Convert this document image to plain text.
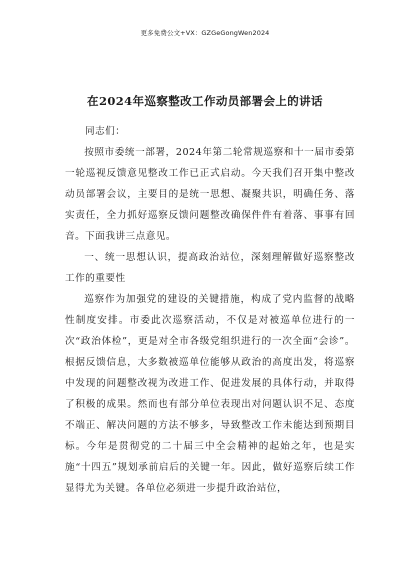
更多免费公文+VX：GZGeGongWen2024
在2024年巡察整改工作动员部署会上的讲话
同志们：

按照市委统一部署，2024年第二轮常规巡察和十一届市委第一轮巡视反馈意见整改工作已正式启动。今天我们召开集中整改动员部署会议，主要目的是统一思想、凝聚共识，明确任务、落实责任，全力抓好巡察反馈问题整改确保件件有着落、事事有回音。下面我讲三点意见。

一、统一思想认识，提高政治站位，深刻理解做好巡察整改工作的重要性

巡察作为加强党的建设的关键措施，构成了党内监督的战略性制度安排。市委此次巡察活动，不仅是对被巡单位进行的一次“政治体检”，更是对全市各级党组织进行的一次全面“会诊”。根据反馈信息，大多数被巡单位能够从政治的高度出发，将巡察中发现的问题整改视为改进工作、促进发展的具体行动，并取得了积极的成果。然而也有部分单位表现出对问题认识不足、态度不端正、解决问题的方法不够多，导致整改工作未能达到预期目标。今年是贯彻党的二十届三中全会精神的起始之年，也是实施“十四五”规划承前启后的关键一年。因此，做好巡察后续工作显得尤为关键。各单位必须进一步提升政治站位，
